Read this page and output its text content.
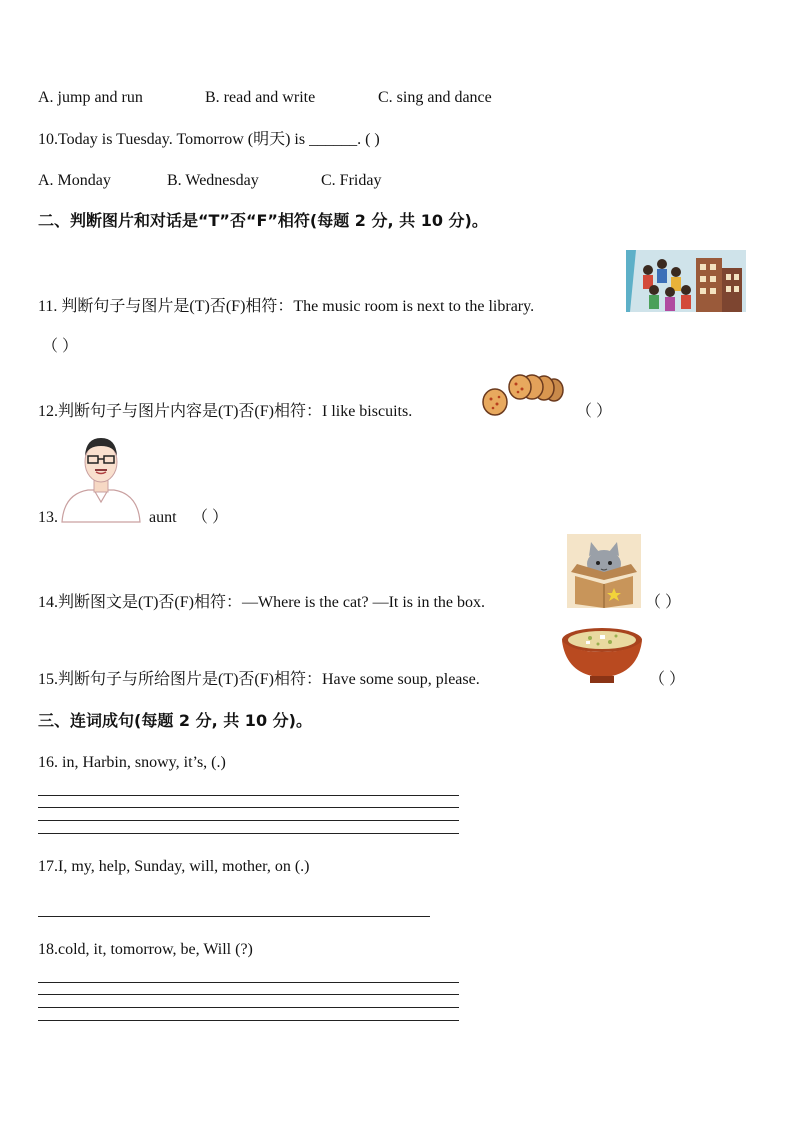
A. jump and run	B. read and write	C. sing and dance
10.Today is Tuesday. Tomorrow (明天) is ______. ( )
A. Monday	B. Wednesday	C. Friday
二、判断图片和对话是“T”否“F”相符(每题 2 分, 共 10 分)。
11. 判断句子与图片是(T)否(F)相符：The music room is next to the library.
（ ）
12.判断句子与图片内容是(T)否(F)相符：I like biscuits.	（ ）
13.	aunt （ ）
14.判断图文是(T)否(F)相符：—Where is the cat? —It is in the box.	（ ）
15.判断句子与所给图片是(T)否(F)相符：Have some soup, please.	（ ）
三、连词成句(每题 2 分, 共 10 分)。
16. in, Harbin, snowy, it’s, (.)
17.I, my, help, Sunday, will, mother, on (.)
18.cold, it, tomorrow, be, Will (?)
